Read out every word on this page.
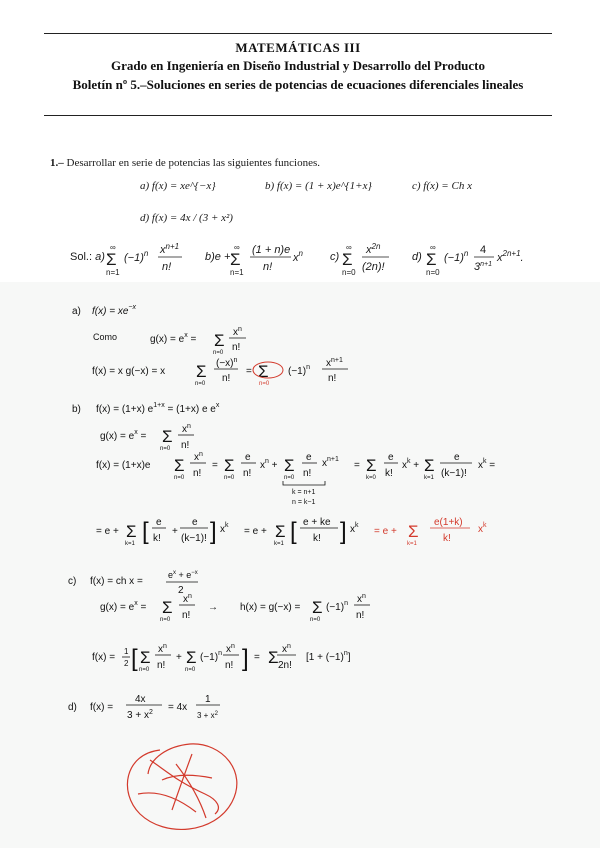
MATEMÁTICAS III
Grado en Ingeniería en Diseño Industrial y Desarrollo del Producto
Boletín nº 5.–Soluciones en series de potencias de ecuaciones diferenciales lineales
1.– Desarrollar en serie de potencias las siguientes funciones.
a) f(x) = xe^{−x}	b) f(x) = (1 + x)e^{1+x}	c) f(x) = Ch x
d) f(x) = 4x / (3 + x²)
Sol.: a)
∞
Σ
n=1
$(-1)^n$ $x^{n+1}$
n!
b)e +
∞
Σ
n=1
(1 + n)e
n!
$x^n$ c)
∞
Σ
n=0
$x^{2n}$
(2n)!
d)
∞
Σ
n=0
$(-1)^n$ 4
$3^{n+1}$
$x^{2n+1}$.
a) $f(x) = xe^{-x}$
Como	$g(x) = e^x = \Sigma$
n=0
$x^n$
n!
f(x) = x g(−x) = x Σ
n=0
$(-x)^n$
n!
= Σ
n=0
$(-1)^n$ $x^{n+1}$
n!
b) f(x) = (1+x) $e^{1+x} = (1+x)$ e $e^x$
$g(x) = e^x = \Sigma$
n=0
$x^n$
n!
f(x) = (1+x)e Σ
n=0
$x^n$
n!
= Σ
n=0
e
n!
$x^n + \Sigma$
n=0
e
n!
$x^{n+1}$
= Σ
k=0
e
k!
$x^k + \Sigma$
k=1
e
(k−1)!
$x^k$ =
k = n+1
n = k−1
= e + Σ
k=1 [ e
k!
+
e
(k−1)! ] $x^k$
= e + Σ
k=1 [ e + ke
k! ] $x^k$
= e + Σ
k=1
e(1+k)
k!
$x^k$
c) f(x) = ch x =
$e^x + e^{-x}$
2
$g(x) = e^x = \Sigma$
n=0
$x^n$
n!
→ h(x) = g(−x) = Σ
n=0
$(-1)^n$ $x^n$
n!
f(x) =
1
2 [ Σ
n=0
$x^n$
n!
+ Σ
n=0
$(-1)^n$ $x^n$
n! ] = Σ $x^n$
2n!
$[1 + (-1)^n]$
d) f(x) =
4x
$3 + x^2 = 4x$
1
$3 + x^2$
